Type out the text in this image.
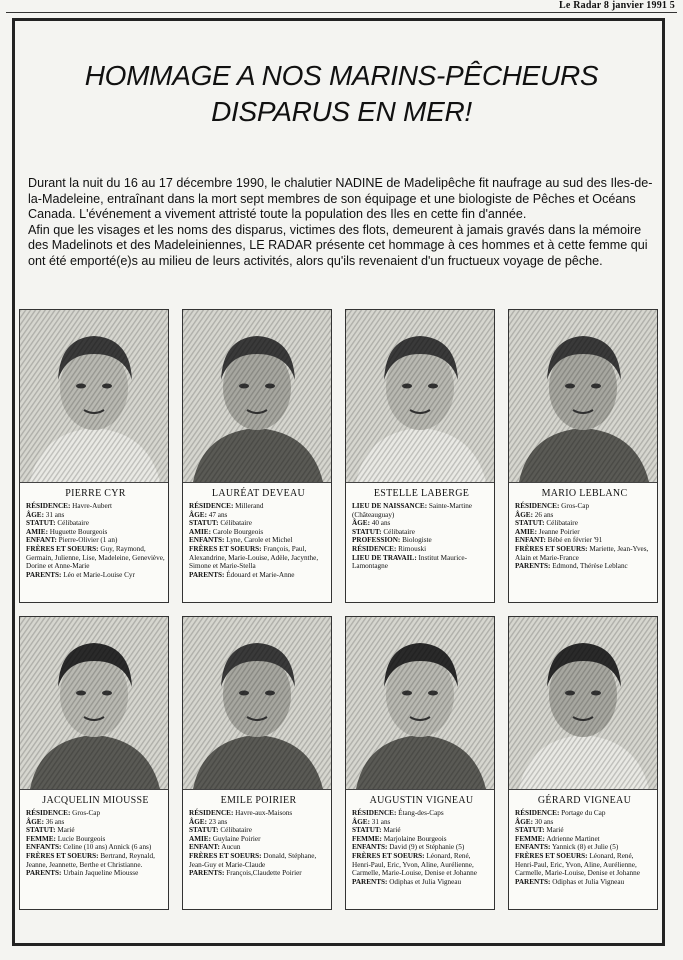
Le Radar 8 janvier 1991 5
HOMMAGE A NOS MARINS-PÊCHEURS
DISPARUS EN MER!

Durant la nuit du 16 au 17 décembre 1990, le chalutier NADINE de Madelipêche fit naufrage au sud des Iles-de-la-Madeleine, entraînant dans la mort sept membres de son équipage et une biologiste de Pêches et Océans Canada. L'événement a vivement attristé toute la population des Iles en cette fin d'année.

Afin que les visages et les noms des disparus, victimes des flots, demeurent à jamais gravés dans la mémoire des Madelinots et des Madeleiniennes, LE RADAR présente cet hommage à ces hommes et à cette femme qui ont été emporté(e)s au milieu de leurs activités, alors qu'ils revenaient d'un fructueux voyage de pêche.

PIERRE CYR
RÉSIDENCE: Havre-Aubert
ÂGE: 31 ans
STATUT: Célibataire
AMIE: Huguette Bourgeois
ENFANT: Pierre-Olivier (1 an)
FRÈRES ET SOEURS: Guy, Raymond, Germain, Julienne, Lise, Madeleine, Geneviève, Dorine et Anne-Marie
PARENTS: Léo et Marie-Louise Cyr
LAURÉAT DEVEAU
RÉSIDENCE: Millerand
ÂGE: 47 ans
STATUT: Célibataire
AMIE: Carole Bourgeois
ENFANTS: Lyne, Carole et Michel
FRÈRES ET SOEURS: François, Paul, Alexandrine, Marie-Louise, Adèle, Jacynthe, Simone et Marie-Stella
PARENTS: Édouard et Marie-Anne
ESTELLE LABERGE
LIEU DE NAISSANCE: Sainte-Martine (Châteauguay)
ÂGE: 40 ans
STATUT: Célibataire
PROFESSION: Biologiste
RÉSIDENCE: Rimouski
LIEU DE TRAVAIL: Institut Maurice-Lamontagne
MARIO LEBLANC
RÉSIDENCE: Gros-Cap
ÂGE: 26 ans
STATUT: Célibataire
AMIE: Jeanne Poirier
ENFANT: Bébé en février '91
FRÈRES ET SOEURS: Mariette, Jean-Yves, Alain et Marie-France
PARENTS: Edmond, Thérèse Leblanc
JACQUELIN MIOUSSE
RÉSIDENCE: Gros-Cap
ÂGE: 36 ans
STATUT: Marié
FEMME: Lucie Bourgeois
ENFANTS: Celine (10 ans) Annick (6 ans)
FRÈRES ET SOEURS: Bertrand, Reynald, Jeanne, Jeannette, Berthe et Christianne.
PARENTS: Urbain Jaqueline Miousse
EMILE POIRIER
RÉSIDENCE: Havre-aux-Maisons
ÂGE: 23 ans
STATUT: Célibataire
AMIE: Guylaine Poirier
ENFANT: Aucun
FRÈRES ET SOEURS: Donald, Stéphane, Jean-Guy et Marie-Claude
PARENTS: François,Claudette Poirier
AUGUSTIN VIGNEAU
RÉSIDENCE: Étang-des-Caps
ÂGE: 31 ans
STATUT: Marié
FEMME: Marjolaine Bourgeois
ENFANTS: David (9) et Stéphanie (5)
FRÈRES ET SOEURS: Léonard, René, Henri-Paul, Eric, Yvon, Aline, Aurélienne, Carmelle, Marie-Louise, Denise et Johanne
PARENTS: Odiphas et Julia Vigneau
GÉRARD VIGNEAU
RÉSIDENCE: Portage du Cap
ÂGE: 30 ans
STATUT: Marié
FEMME: Adrienne Martinet
ENFANTS: Yannick (8) et Julie (5)
FRÈRES ET SOEURS: Léonard, René, Henri-Paul, Eric, Yvon, Aline, Aurélienne, Carmelle, Marie-Louise, Denise et Johanne
PARENTS: Odiphas et Julia Vigneau
